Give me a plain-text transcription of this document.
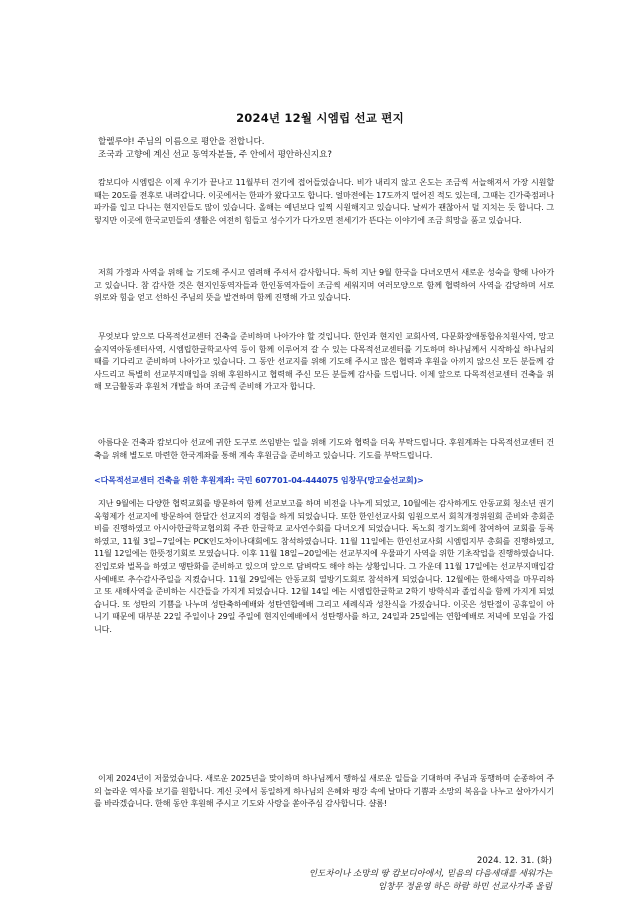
2024년 12월 시엠립 선교 편지

할렐루야! 주님의 이름으로 평안을 전합니다.

조국과 고향에 계신 선교 동역자분들, 주 안에서 평안하신지요?

캄보디아 시엠립은 이제 우기가 끝나고 11월부터 건기에 접어들었습니다. 비가 내리지 않고 온도는 조금씩 서늘해져서 가장 시원할 때는 20도를 전후로 내려갑니다. 이곳에서는 한파가 왔다고도 합니다. 얼마전에는 17도까지 떨어진 적도 있는데, 그때는 긴가죽점퍼나 파카를 입고 다니는 현지인들도 많이 있습니다. 올해는 예년보다 일찍 시원해지고 있습니다. 날씨가 괜찮아서 덜 지치는 듯 합니다. 그렇지만 이곳에 한국교민들의 생활은 여전히 힘들고 성수기가 다가오면 전세기가 뜬다는 이야기에 조금 희망을 품고 있습니다.

저희 가정과 사역을 위해 늘 기도해 주시고 염려해 주셔서 감사합니다. 특히 지난 9월 한국을 다녀오면서 새로운 성숙을 향해 나아가고 있습니다. 참 감사한 것은 현지인동역자들과 한인동역자들이 조금씩 세워지며 여러모양으로 함께 협력하여 사역을 감당하며 서로 위로와 힘을 얻고 선하신 주님의 뜻을 발견하며 함께 진행해 가고 있습니다.

무엇보다 앞으로 다목적선교센터 건축을 준비하며 나아가야 할 것입니다. 한인과 현지인 교회사역, 다문화장애통합유치원사역, 망고숲지역아동센터사역, 시엠립한글학교사역 등이 함께 이루어져 갈 수 있는 다목적선교센터를 기도하며 하나님께서 시작하실 하나님의 때를 기다리고 준비하며 나아가고 있습니다. 그 동안 선교지를 위해 기도해 주시고 많은 협력과 후원을 아끼지 않으신 모든 분들께 감사드리고 특별히 선교부지매입을 위해 후원하시고 협력해 주신 모든 분들께 감사를 드립니다. 이제 앞으로 다목적선교센터 건축을 위해 모금활동과 후원처 개발을 하며 조금씩 준비해 가고자 합니다.

아름다운 건축과 캄보디아 선교에 귀한 도구로 쓰임받는 일을 위해 기도와 협력을 더욱 부탁드립니다. 후원계좌는 다목적선교센터 건축을 위해 별도로 마련한 한국계좌를 통해 계속 후원금을 준비하고 있습니다. 기도를 부탁드립니다.

<다목적선교센터 건축을 위한 후원계좌: 국민 607701-04-444075 임창무(망고숲선교회)>

지난 9월에는 다양한 협력교회를 방문하여 함께 선교보고를 하며 비전을 나누게 되었고, 10월에는 감사하게도 안동교회 청소년 권기욱형제가 선교지에 방문하여 한달간 선교지의 경험을 하게 되었습니다. 또한 한인선교사회 임원으로서 회칙개정위원회 준비와 총회준비를 진행하였고 아시아한글학교협의회 주관 한글학교 교사연수회를 다녀오게 되었습니다. 독노회 정기노회에 참여하여 교회를 등록하였고, 11월 3일~7일에는 PCK인도차이나대회에도 참석하였습니다. 11월 11일에는 한인선교사회 시엠립지부 총회를 진행하였고, 11월 12일에는 한뜻정기회로 모였습니다. 이후 11월 18일~20일에는 선교부지에 우물파기 사역을 위한 기초작업을 진행하였습니다. 진입로와 벌목을 하였고 땡탄화를 준비하고 있으며 앞으로 담벼락도 해야 하는 상황입니다. 그 가운데 11월 17일에는 선교부지매입감사예배로 추수감사주일을 지켰습니다. 11월 29일에는 안동교회 열방기도회로 참석하게 되었습니다. 12월에는 한해사역을 마무리하고 또 새해사역을 준비하는 시간들을 가지게 되었습니다. 12월 14일 에는 시엠립한글학교 2학기 방학식과 졸업식을 함께 가지게 되었습니다. 또 성탄의 기쁨을 나누며 성탄축하예배와 성탄연합예배 그리고 세례식과 성찬식을 가졌습니다. 이곳은 성탄절이 공휴일이 아니기 때문에 대부분 22일 주일이나 29일 주일에 현지인예배에서 성탄행사를 하고, 24일과 25일에는 연합예배로 저녁에 모임을 가집니다.

이제 2024년이 저물었습니다. 새로운 2025년을 맞이하며 하나님께서 행하실 새로운 일들을 기대하며 주님과 동행하며 순종하여 주의 놀라운 역사를 보기를 원합니다. 계신 곳에서 동일하게 하나님의 은혜와 평강 속에 날마다 기쁨과 소망의 복음을 나누고 살아가시기를 바라겠습니다. 한해 동안 후원해 주시고 기도와 사랑을 쏟아주심 감사합니다. 샬롬!

2024. 12. 31. (화)
인도차이나 소망의 땅 캄보디아에서, 믿음의 다음세대를 세워가는
임창무 정윤영 하은 하람 하민 선교사가족 올림
